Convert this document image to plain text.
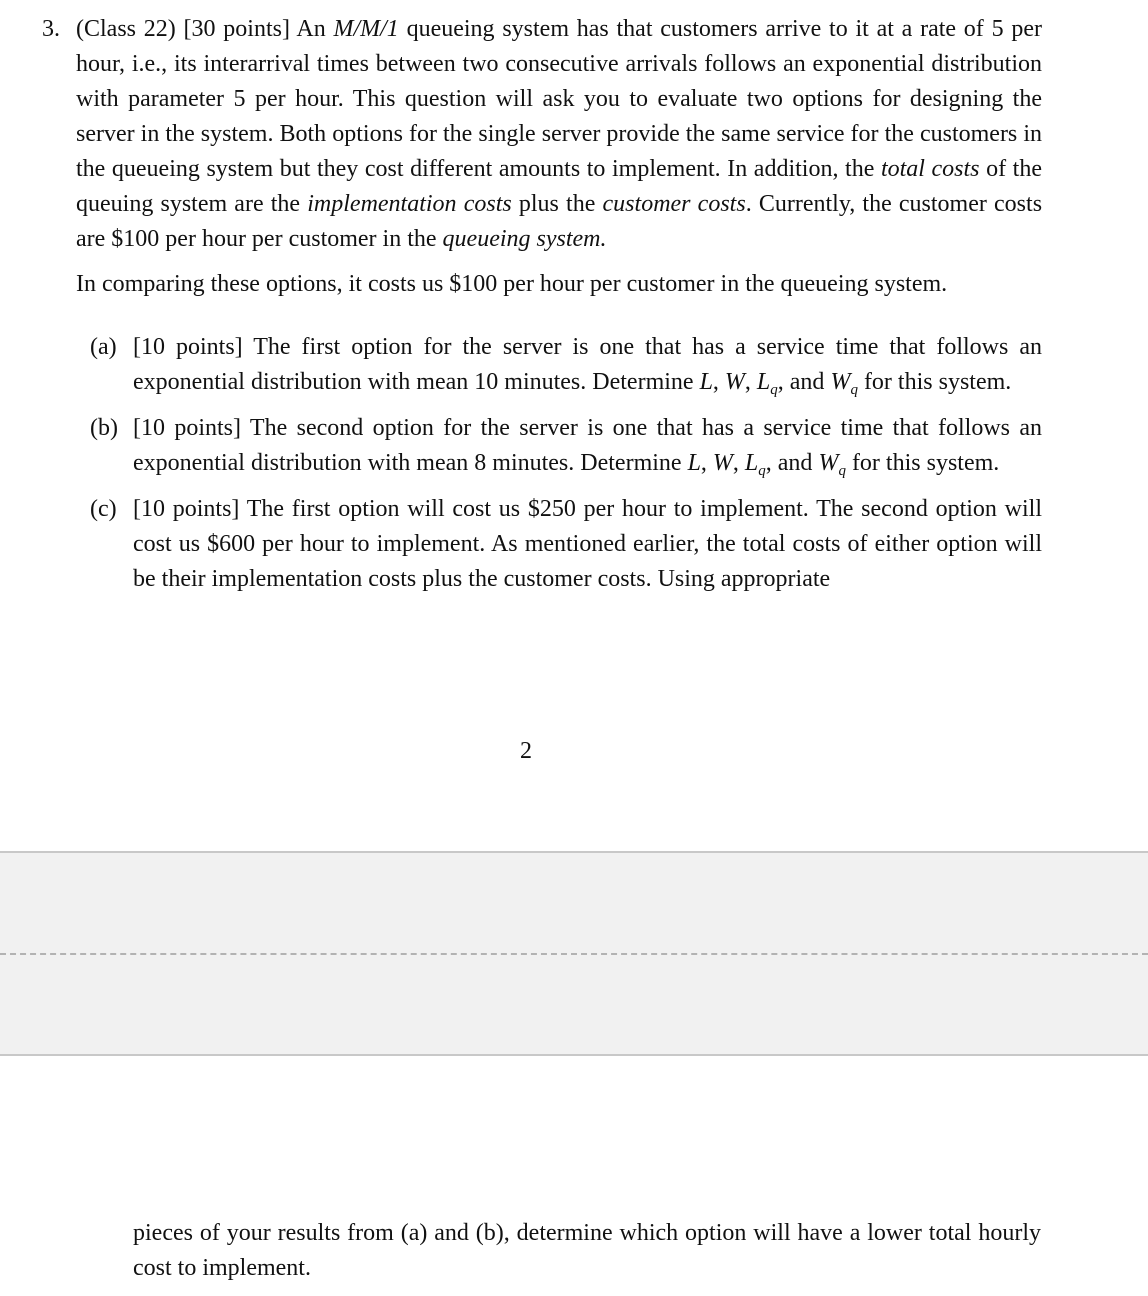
3. (Class 22) [30 points] An M/M/1 queueing system has that customers arrive to it at a rate of 5 per hour, i.e., its interarrival times between two consecutive arrivals follows an exponential distribution with parameter 5 per hour. This question will ask you to evaluate two options for designing the server in the system. Both options for the single server provide the same service for the customers in the queueing system but they cost different amounts to implement. In addition, the total costs of the queuing system are the implementation costs plus the customer costs. Currently, the customer costs are $100 per hour per customer in the queueing system.
In comparing these options, it costs us $100 per hour per customer in the queueing system.
(a) [10 points] The first option for the server is one that has a service time that follows an exponential distribution with mean 10 minutes. Determine L, W, $L_q$, and $W_q$ for this system.
(b) [10 points] The second option for the server is one that has a service time that follows an exponential distribution with mean 8 minutes. Determine L, W, $L_q$, and $W_q$ for this system.
(c) [10 points] The first option will cost us $250 per hour to implement. The second option will cost us $600 per hour to implement. As mentioned earlier, the total costs of either option will be their implementation costs plus the customer costs. Using appropriate
2
pieces of your results from (a) and (b), determine which option will have a lower total hourly cost to implement.
